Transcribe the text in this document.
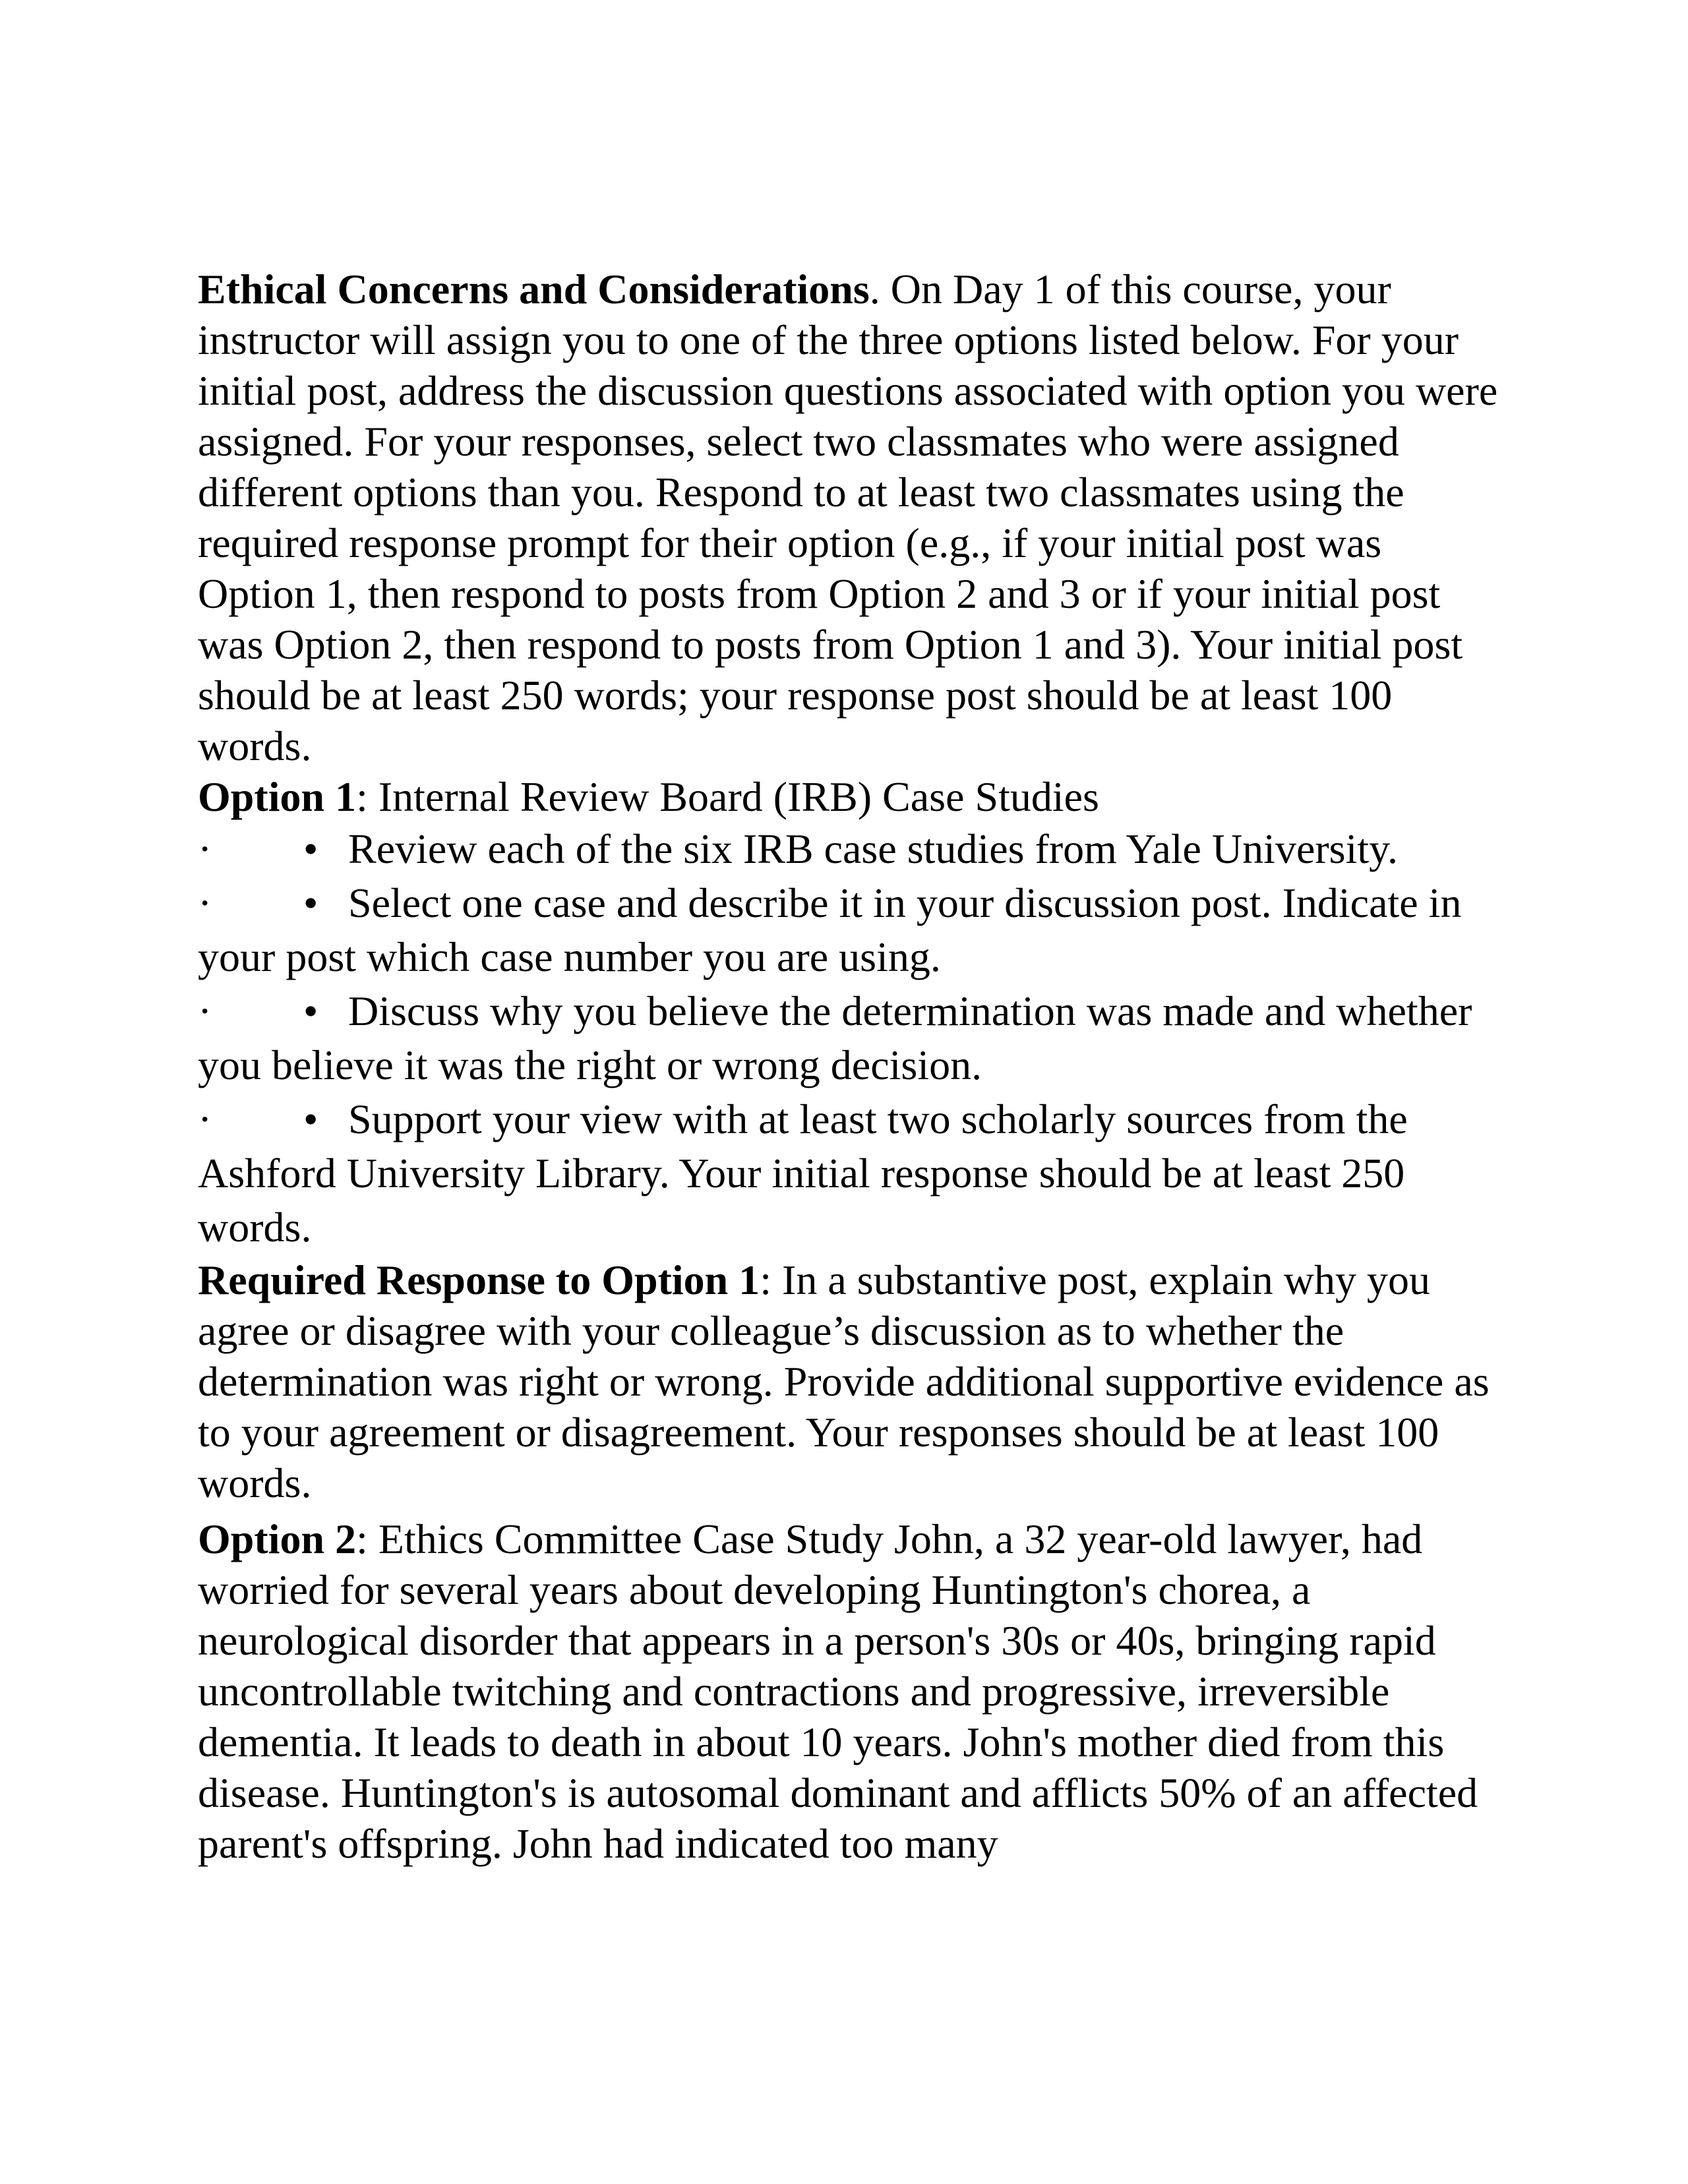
Ethical Concerns and Considerations. On Day 1 of this course, your instructor will assign you to one of the three options listed below. For your initial post, address the discussion questions associated with option you were assigned. For your responses, select two classmates who were assigned different options than you. Respond to at least two classmates using the required response prompt for their option (e.g., if your initial post was Option 1, then respond to posts from Option 2 and 3 or if your initial post was Option 2, then respond to posts from Option 1 and 3). Your initial post should be at least 250 words; your response post should be at least 100 words.

Option 1: Internal Review Board (IRB) Case Studies

· • Review each of the six IRB case studies from Yale University.

· • Select one case and describe it in your discussion post. Indicate in your post which case number you are using.

· • Discuss why you believe the determination was made and whether you believe it was the right or wrong decision.

· • Support your view with at least two scholarly sources from the Ashford University Library. Your initial response should be at least 250 words.

Required Response to Option 1: In a substantive post, explain why you agree or disagree with your colleague’s discussion as to whether the determination was right or wrong. Provide additional supportive evidence as to your agreement or disagreement. Your responses should be at least 100 words.

Option 2: Ethics Committee Case Study John, a 32 year-old lawyer, had worried for several years about developing Huntington's chorea, a neurological disorder that appears in a person's 30s or 40s, bringing rapid uncontrollable twitching and contractions and progressive, irreversible dementia. It leads to death in about 10 years. John's mother died from this disease. Huntington's is autosomal dominant and afflicts 50% of an affected parent's offspring. John had indicated too many
